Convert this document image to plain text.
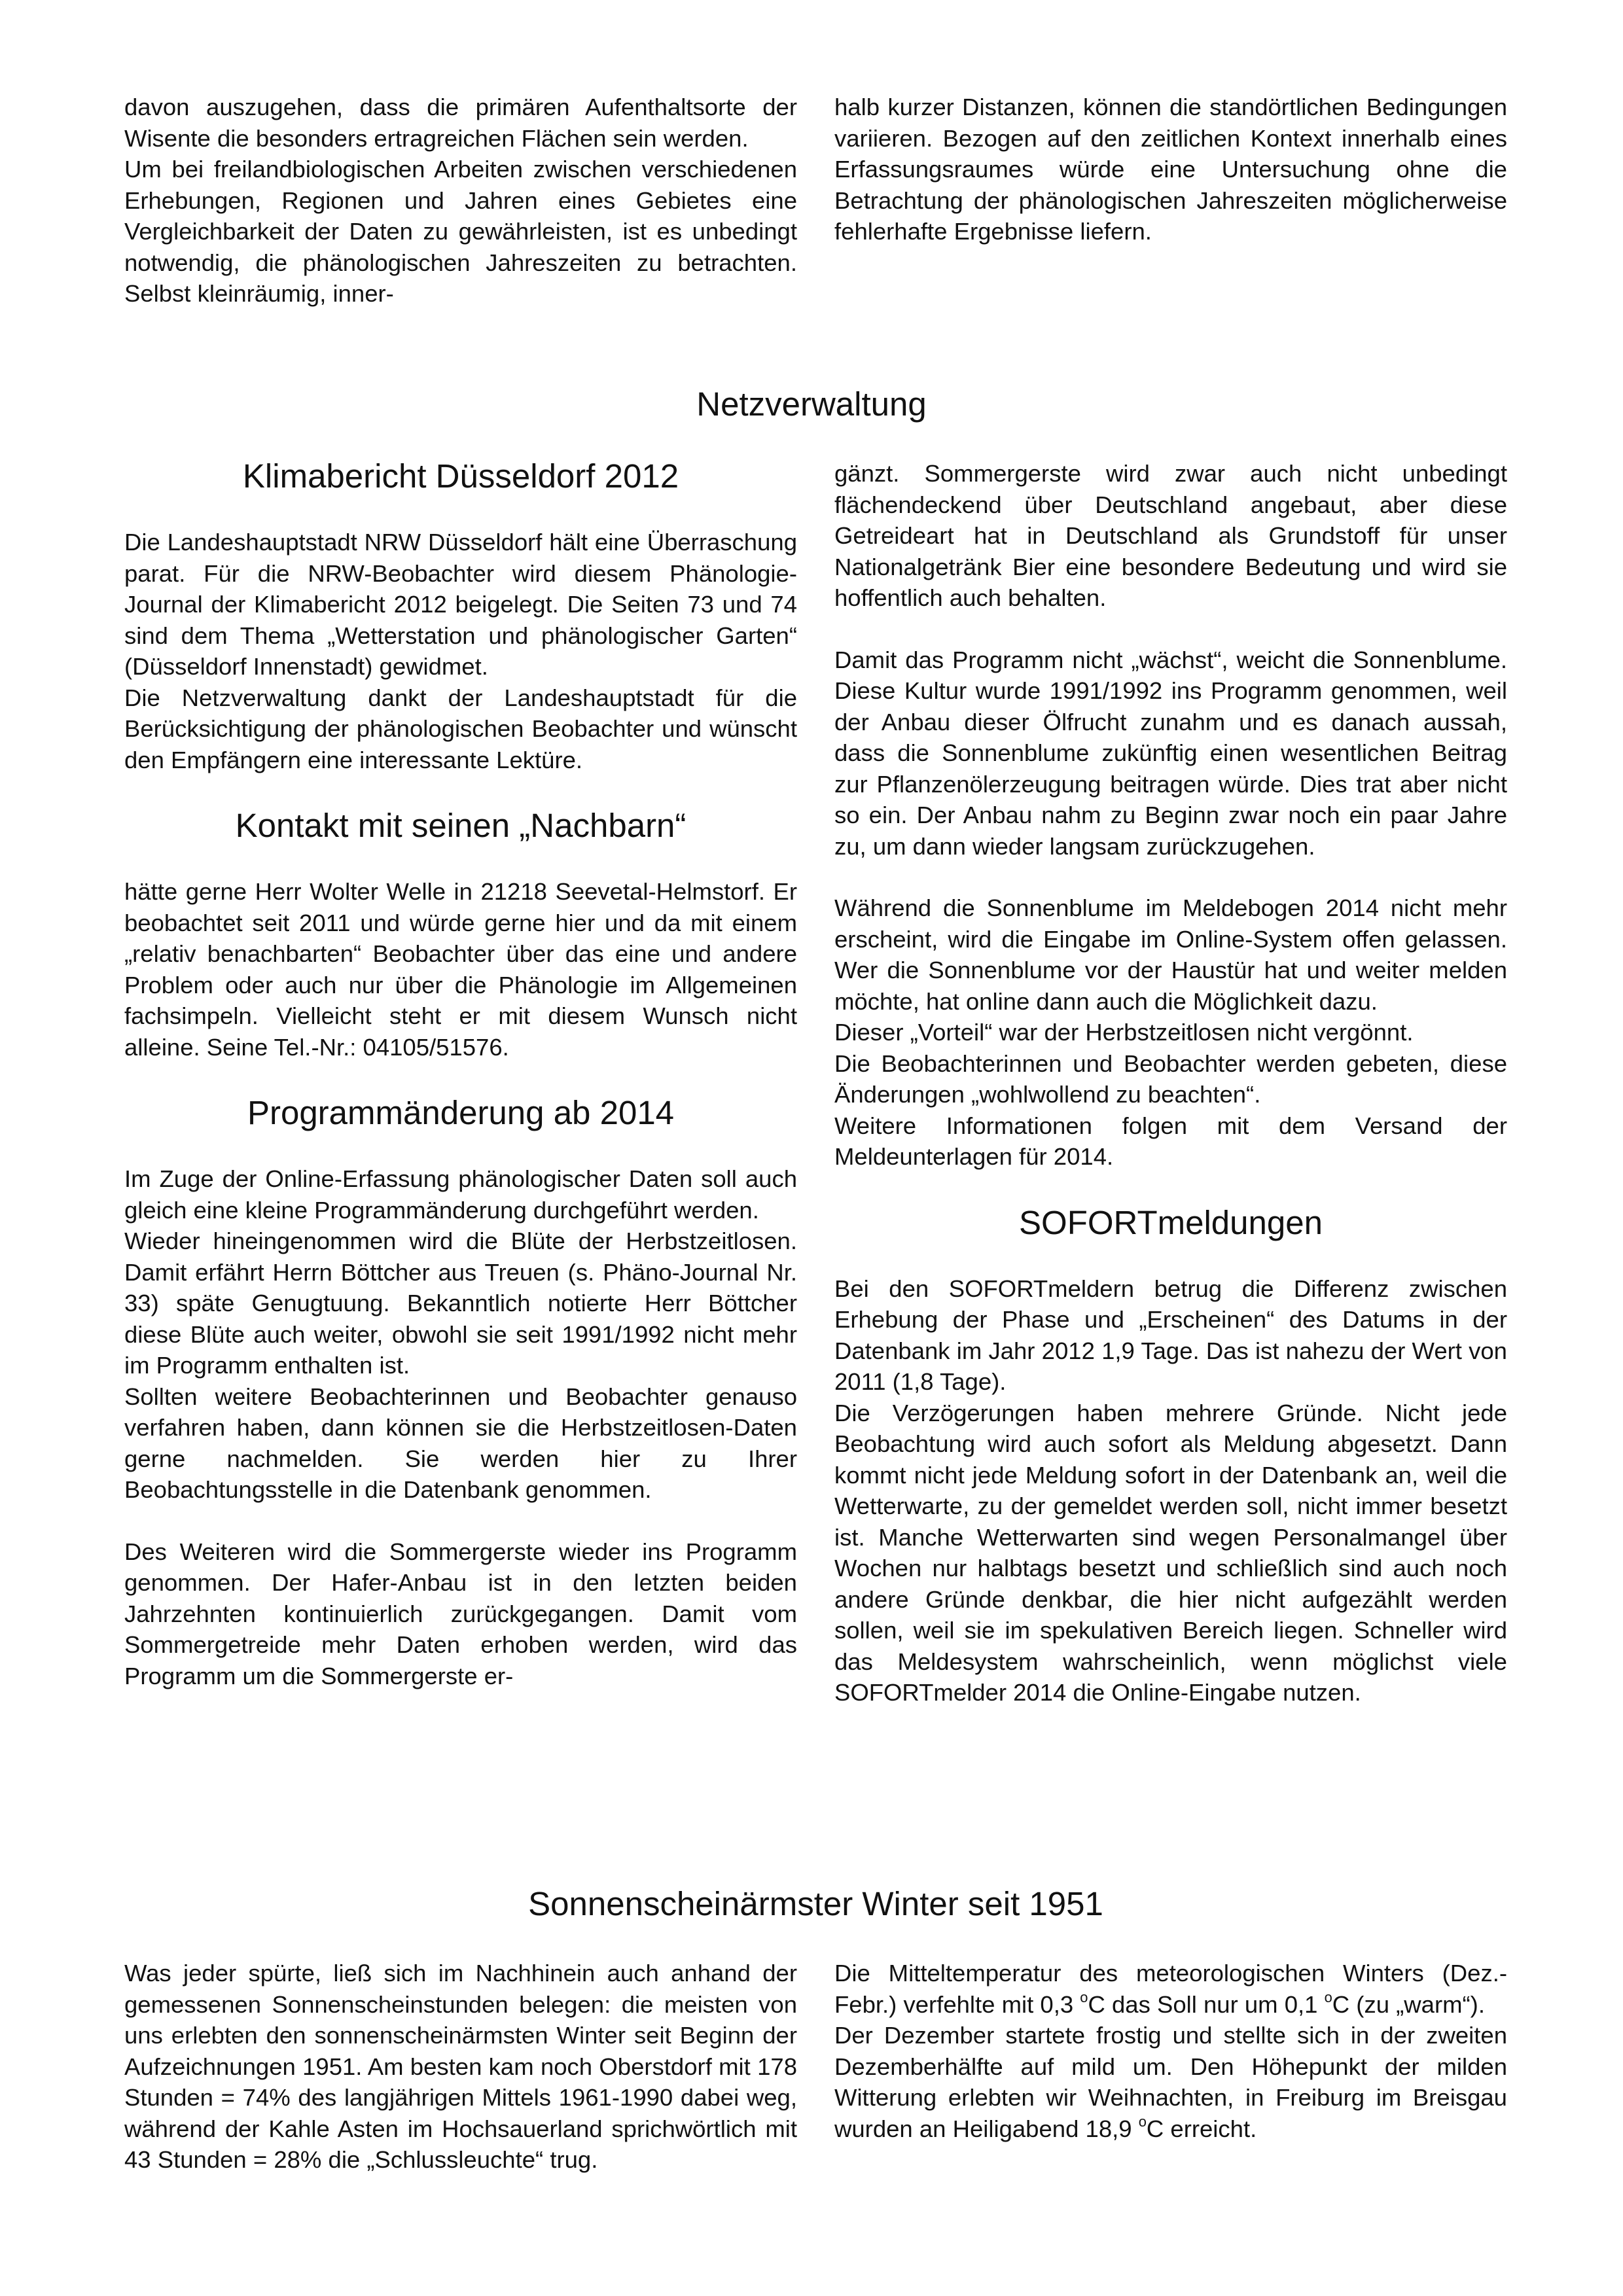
davon auszugehen, dass die primären Aufenthaltsorte der Wisente die besonders ertragreichen Flächen sein werden.

Um bei freilandbiologischen Arbeiten zwischen verschiedenen Erhebungen, Regionen und Jahren eines Gebietes eine Vergleichbarkeit der Daten zu gewährleisten, ist es unbedingt notwendig, die phänologischen Jahreszeiten zu betrachten. Selbst kleinräumig, inner-

halb kurzer Distanzen, können die standörtlichen Bedingungen variieren. Bezogen auf den zeitlichen Kontext innerhalb eines Erfassungsraumes würde eine Untersuchung ohne die Betrachtung der phänologischen Jahreszeiten möglicherweise fehlerhafte Ergebnisse liefern.

Netzverwaltung
Klimabericht Düsseldorf 2012

Die Landeshauptstadt NRW Düsseldorf hält eine Überraschung parat. Für die NRW-Beobachter wird diesem Phänologie-Journal der Klimabericht 2012 beigelegt. Die Seiten 73 und 74 sind dem Thema „Wetterstation und phänologischer Garten“ (Düsseldorf Innenstadt) gewidmet.

Die Netzverwaltung dankt der Landeshauptstadt für die Berücksichtigung der phänologischen Beobachter und wünscht den Empfängern eine interessante Lektüre.

Kontakt mit seinen „Nachbarn“

hätte gerne Herr Wolter Welle in 21218 Seevetal-Helmstorf. Er beobachtet seit 2011 und würde gerne hier und da mit einem „relativ benachbarten“ Beobachter über das eine und andere Problem oder auch nur über die Phänologie im Allgemeinen fachsimpeln. Vielleicht steht er mit diesem Wunsch nicht alleine. Seine Tel.-Nr.: 04105/51576.

Programmänderung ab 2014

Im Zuge der Online-Erfassung phänologischer Daten soll auch gleich eine kleine Programmänderung durchgeführt werden.

Wieder hineingenommen wird die Blüte der Herbstzeitlosen. Damit erfährt Herrn Böttcher aus Treuen (s. Phäno-Journal Nr. 33) späte Genugtuung. Bekanntlich notierte Herr Böttcher diese Blüte auch weiter, obwohl sie seit 1991/1992 nicht mehr im Programm enthalten ist.

Sollten weitere Beobachterinnen und Beobachter genauso verfahren haben, dann können sie die Herbstzeitlosen-Daten gerne nachmelden. Sie werden hier zu Ihrer Beobachtungsstelle in die Datenbank genommen.

Des Weiteren wird die Sommergerste wieder ins Programm genommen. Der Hafer-Anbau ist in den letzten beiden Jahrzehnten kontinuierlich zurückgegangen. Damit vom Sommergetreide mehr Daten erhoben werden, wird das Programm um die Sommergerste er-

gänzt. Sommergerste wird zwar auch nicht unbedingt flächendeckend über Deutschland angebaut, aber diese Getreideart hat in Deutschland als Grundstoff für unser Nationalgetränk Bier eine besondere Bedeutung und wird sie hoffentlich auch behalten.

Damit das Programm nicht „wächst“, weicht die Sonnenblume. Diese Kultur wurde 1991/1992 ins Programm genommen, weil der Anbau dieser Ölfrucht zunahm und es danach aussah, dass die Sonnenblume zukünftig einen wesentlichen Beitrag zur Pflanzenölerzeugung beitragen würde. Dies trat aber nicht so ein. Der Anbau nahm zu Beginn zwar noch ein paar Jahre zu, um dann wieder langsam zurückzugehen.

Während die Sonnenblume im Meldebogen 2014 nicht mehr erscheint, wird die Eingabe im Online-System offen gelassen. Wer die Sonnenblume vor der Haustür hat und weiter melden möchte, hat online dann auch die Möglichkeit dazu.

Dieser „Vorteil“ war der Herbstzeitlosen nicht vergönnt.

Die Beobachterinnen und Beobachter werden gebeten, diese Änderungen „wohlwollend zu beachten“.

Weitere Informationen folgen mit dem Versand der Meldeunterlagen für 2014.

SOFORTmeldungen

Bei den SOFORTmeldern betrug die Differenz zwischen Erhebung der Phase und „Erscheinen“ des Datums in der Datenbank im Jahr 2012 1,9 Tage. Das ist nahezu der Wert von 2011 (1,8 Tage).

Die Verzögerungen haben mehrere Gründe. Nicht jede Beobachtung wird auch sofort als Meldung abgesetzt. Dann kommt nicht jede Meldung sofort in der Datenbank an, weil die Wetterwarte, zu der gemeldet werden soll, nicht immer besetzt ist. Manche Wetterwarten sind wegen Personalmangel über Wochen nur halbtags besetzt und schließlich sind auch noch andere Gründe denkbar, die hier nicht aufgezählt werden sollen, weil sie im spekulativen Bereich liegen. Schneller wird das Meldesystem wahrscheinlich, wenn möglichst viele SOFORTmelder 2014 die Online-Eingabe nutzen.

Sonnenscheinärmster Winter seit 1951

Was jeder spürte, ließ sich im Nachhinein auch anhand der gemessenen Sonnenscheinstunden belegen: die meisten von uns erlebten den sonnenscheinärmsten Winter seit Beginn der Aufzeichnungen 1951. Am besten kam noch Oberstdorf mit 178 Stunden = 74% des langjährigen Mittels 1961-1990 dabei weg, während der Kahle Asten im Hochsauerland sprichwörtlich mit 43 Stunden = 28% die „Schlussleuchte“ trug.

Die Mitteltemperatur des meteorologischen Winters (Dez.-Febr.) verfehlte mit 0,3 $^o$C das Soll nur um 0,1 $^o$C (zu „warm“).

Der Dezember startete frostig und stellte sich in der zweiten Dezemberhälfte auf mild um. Den Höhepunkt der milden Witterung erlebten wir Weihnachten, in Freiburg im Breisgau wurden an Heiligabend 18,9 $^o$C erreicht.
